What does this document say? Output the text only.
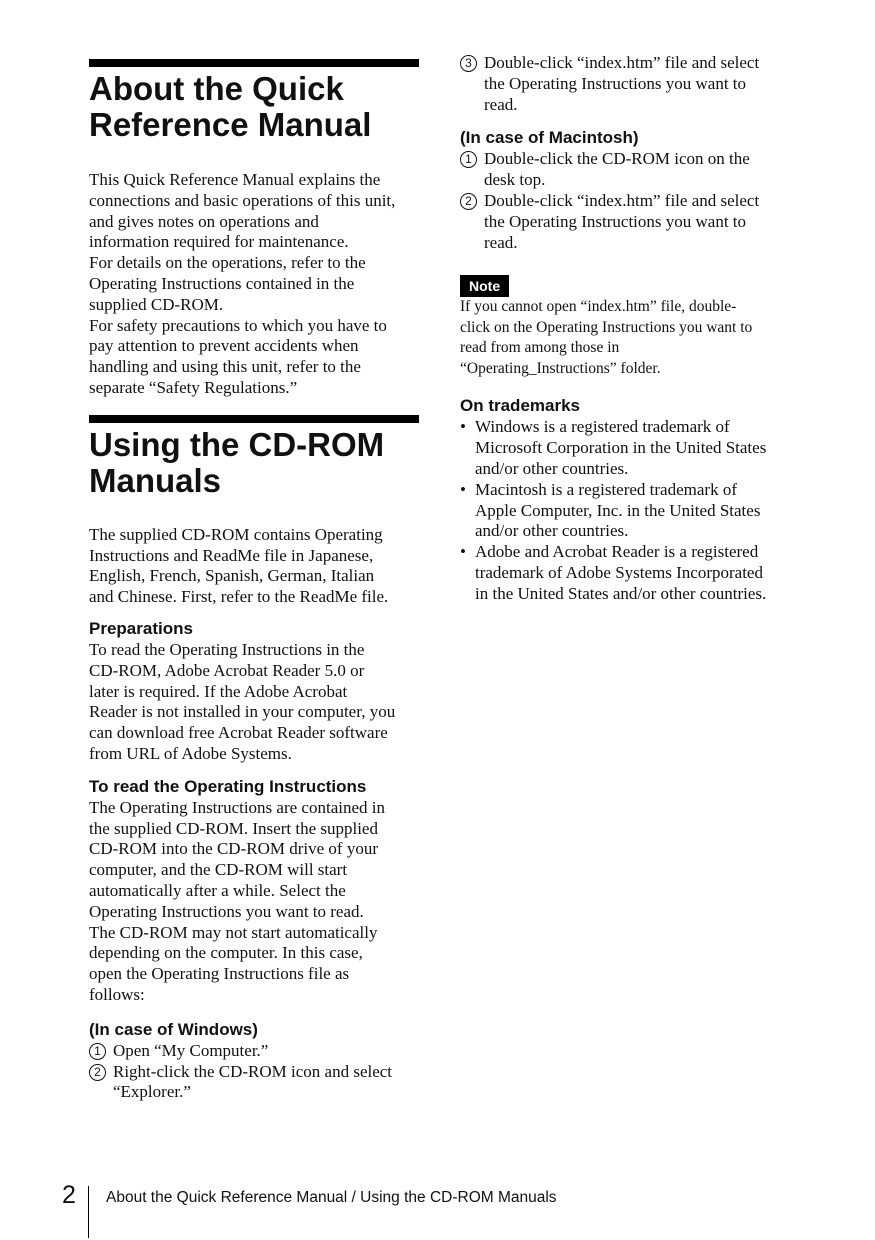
About the Quick
Reference Manual
This Quick Reference Manual explains the
connections and basic operations of this unit,
and gives notes on operations and
information required for maintenance.
For details on the operations, refer to the
Operating Instructions contained in the
supplied CD-ROM.
For safety precautions to which you have to
pay attention to prevent accidents when
handling and using this unit, refer to the
separate “Safety Regulations.”
Using the CD-ROM
Manuals
The supplied CD-ROM contains Operating
Instructions and ReadMe file in Japanese,
English, French, Spanish, German, Italian
and Chinese. First, refer to the ReadMe file.
Preparations
To read the Operating Instructions in the
CD-ROM, Adobe Acrobat Reader 5.0 or
later is required. If the Adobe Acrobat
Reader is not installed in your computer, you
can download free Acrobat Reader software
from URL of Adobe Systems.
To read the Operating Instructions
The Operating Instructions are contained in
the supplied CD-ROM. Insert the supplied
CD-ROM into the CD-ROM drive of your
computer, and the CD-ROM will start
automatically after a while. Select the
Operating Instructions you want to read.
The CD-ROM may not start automatically
depending on the computer. In this case,
open the Operating Instructions file as
follows:
(In case of Windows)
1 Open “My Computer.”
2 Right-click the CD-ROM icon and select
“Explorer.”
3 Double-click “index.htm” file and select
the Operating Instructions you want to
read.
(In case of Macintosh)
1 Double-click the CD-ROM icon on the
desk top.
2 Double-click “index.htm” file and select
the Operating Instructions you want to
read.
Note
If you cannot open “index.htm” file, double-
click on the Operating Instructions you want to
read from among those in
“Operating_Instructions” folder.
On trademarks
• Windows is a registered trademark of
Microsoft Corporation in the United States
and/or other countries.
• Macintosh is a registered trademark of
Apple Computer, Inc. in the United States
and/or other countries.
• Adobe and Acrobat Reader is a registered
trademark of Adobe Systems Incorporated
in the United States and/or other countries.
2 About the Quick Reference Manual / Using the CD-ROM Manuals
